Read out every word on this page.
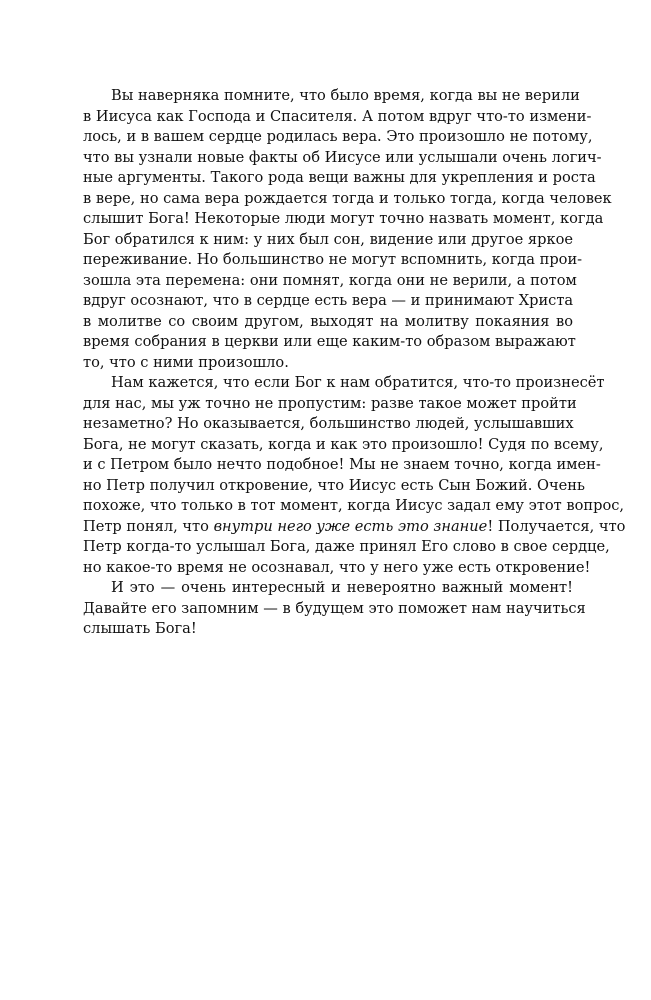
Вы наверняка помните, что было время, когда вы не верили
в Иисуса как Господа и Спасителя. А потом вдруг что-то измени-
лось, и в вашем сердце родилась вера. Это произошло не потому,
что вы узнали новые факты об Иисусе или услышали очень логич-
ные аргументы. Такого рода вещи важны для укрепления и роста
в вере, но сама вера рождается тогда и только тогда, когда человек
слышит Бога! Некоторые люди могут точно назвать момент, когда
Бог обратился к ним: у них был сон, видение или другое яркое
переживание. Но большинство не могут вспомнить, когда прои-
зошла эта перемена: они помнят, когда они не верили, а потом
вдруг осознают, что в сердце есть вера — и принимают Христа
в молитве со своим другом, выходят на молитву покаяния во
время собрания в церкви или еще каким-то образом выражают
то, что с ними произошло.
Нам кажется, что если Бог к нам обратится, что-то произнесёт
для нас, мы уж точно не пропустим: разве такое может пройти
незаметно? Но оказывается, большинство людей, услышавших
Бога, не могут сказать, когда и как это произошло! Судя по всему,
и с Петром было нечто подобное! Мы не знаем точно, когда имен-
но Петр получил откровение, что Иисус есть Сын Божий. Очень
похоже, что только в тот момент, когда Иисус задал ему этот вопрос,
Петр понял, что внутри него уже есть это знание! Получается, что
Петр когда-то услышал Бога, даже принял Его слово в свое сердце,
но какое-то время не осознавал, что у него уже есть откровение!
И это — очень интересный и невероятно важный момент!
Давайте его запомним — в будущем это поможет нам научиться
слышать Бога!
